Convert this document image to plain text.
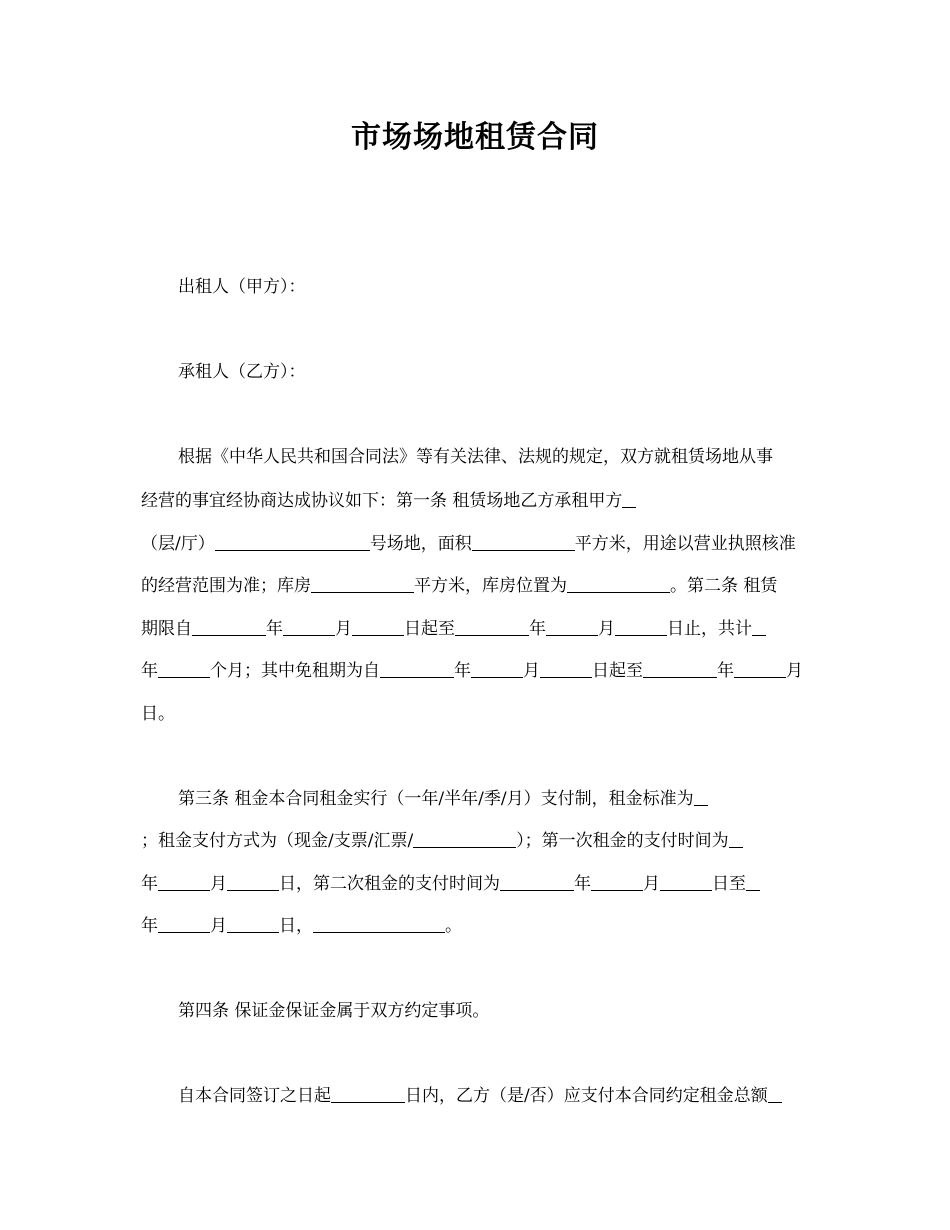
市场场地租赁合同
出租人（甲方）：
承租人（乙方）：
根据《中华人民共和国合同法》等有关法律、法规的规定，双方就租赁场地从事
经营的事宜经协商达成协议如下：第一条 租赁场地乙方承租甲方
（层/厅）	号场地，面积	平方米，用途以营业执照核准
的经营范围为准；库房	平方米，库房位置为	。第二条 租赁
期限自	年	月	日起至	年	月	日止，共计
年	个月；其中免租期为自	年	月	日起至	年	月
日。
第三条 租金本合同租金实行（一年/半年/季/月）支付制，租金标准为
；租金支付方式为（现金/支票/汇票/	）；第一次租金的支付时间为
年	月	日，第二次租金的支付时间为	年	月	日至
年	月	日，	。
第四条 保证金保证金属于双方约定事项。
自本合同签订之日起	日内，乙方（是/否）应支付本合同约定租金总额
